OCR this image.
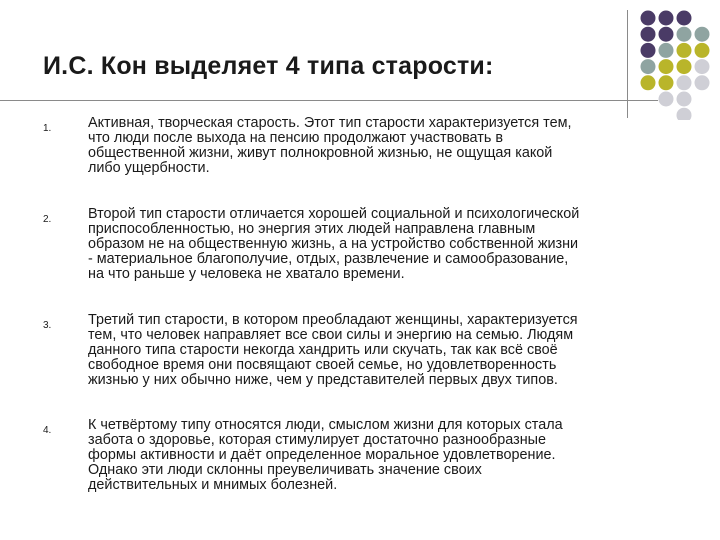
И.С. Кон выделяет 4 типа старости:
1.	Активная, творческая старость. Этот тип старости характеризуется тем,
что люди после выхода на пенсию продолжают участвовать в
общественной жизни, живут полнокровной жизнью, не ощущая какой
либо ущербности.
2.	Второй тип старости отличается хорошей социальной и психологической
приспособленностью, но энергия этих людей направлена главным
образом не на общественную жизнь, а на устройство собственной жизни
- материальное благополучие, отдых, развлечение и самообразование,
на что раньше у человека не хватало времени.
3.	Третий тип старости, в котором преобладают женщины, характеризуется
тем, что человек направляет все свои силы и энергию на семью. Людям
данного типа старости некогда хандрить или скучать, так как всё своё
свободное время они посвящают своей семье, но удовлетворенность
жизнью у них обычно ниже, чем у представителей первых двух типов.
4.	К четвёртому типу относятся люди, смыслом жизни для которых стала
забота о здоровье, которая стимулирует достаточно разнообразные
формы активности и даёт определенное моральное удовлетворение.
Однако эти люди склонны преувеличивать значение своих
действительных и мнимых болезней.
